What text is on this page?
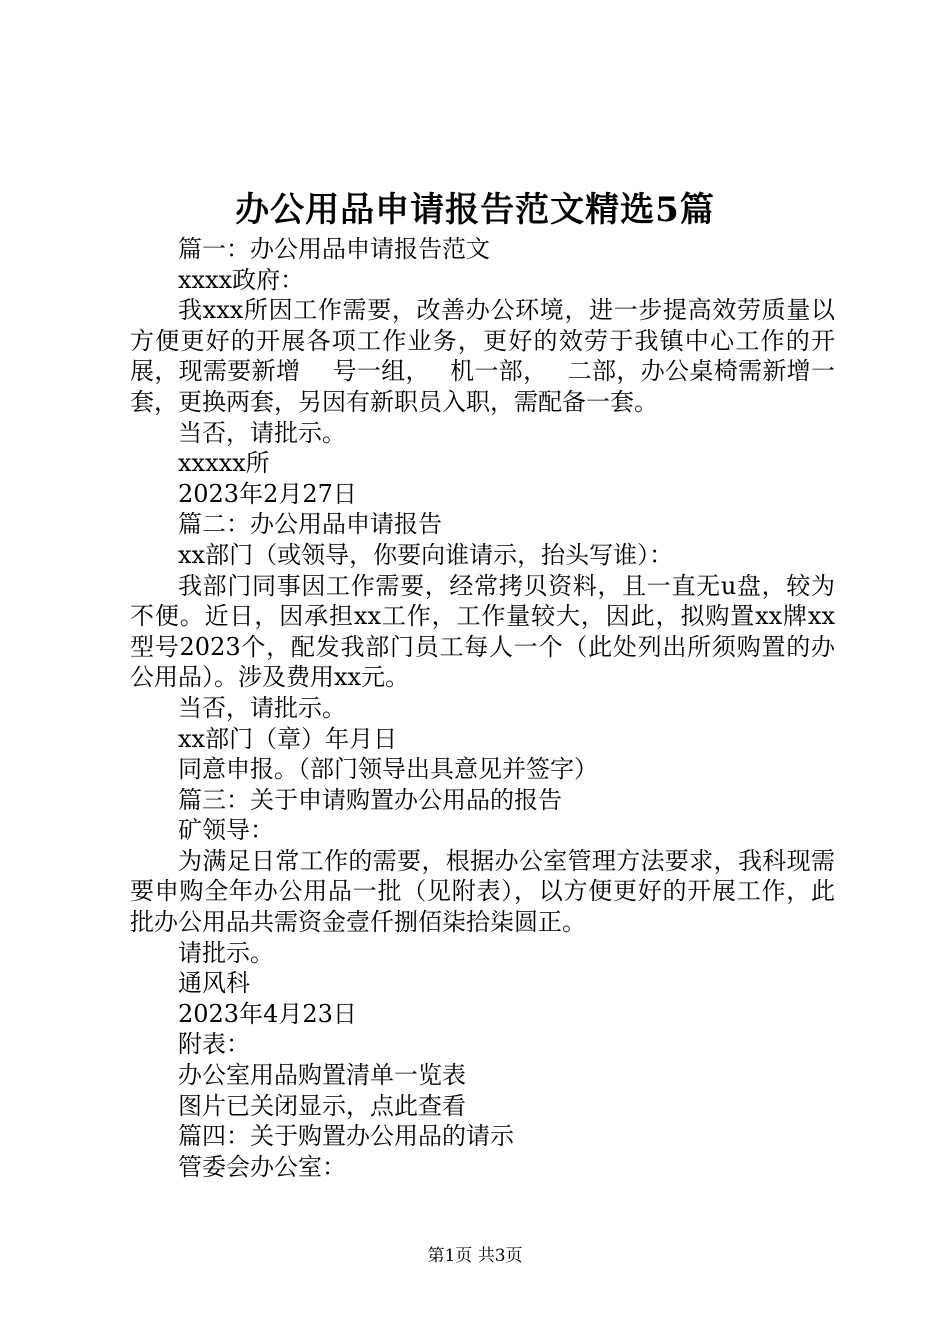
办公用品申请报告范文精选5篇

篇一：办公用品申请报告范文

xxxx政府：

我xxx所因工作需要，改善办公环境，进一步提高效劳质量以方便更好的开展各项工作业务，更好的效劳于我镇中心工作的开展，现需要新增　 号一组，　 机一部，　 二部，办公桌椅需新增一套，更换两套，另因有新职员入职，需配备一套。

当否，请批示。

xxxxx所

2023年2月27日

篇二：办公用品申请报告

xx部门（或领导，你要向谁请示，抬头写谁）：

我部门同事因工作需要，经常拷贝资料，且一直无u盘，较为不便。近日，因承担xx工作，工作量较大，因此，拟购置xx牌xx型号2023个，配发我部门员工每人一个（此处列出所须购置的办公用品）。涉及费用xx元。

当否，请批示。

xx部门（章）年月日

同意申报。（部门领导出具意见并签字）

篇三：关于申请购置办公用品的报告

矿领导：

为满足日常工作的需要，根据办公室管理方法要求，我科现需要申购全年办公用品一批（见附表），以方便更好的开展工作，此批办公用品共需资金壹仟捌佰柒拾柒圆正。

请批示。

通风科

2023年4月23日

附表：

办公室用品购置清单一览表

图片已关闭显示，点此查看

篇四：关于购置办公用品的请示

管委会办公室：

第1页 共3页
